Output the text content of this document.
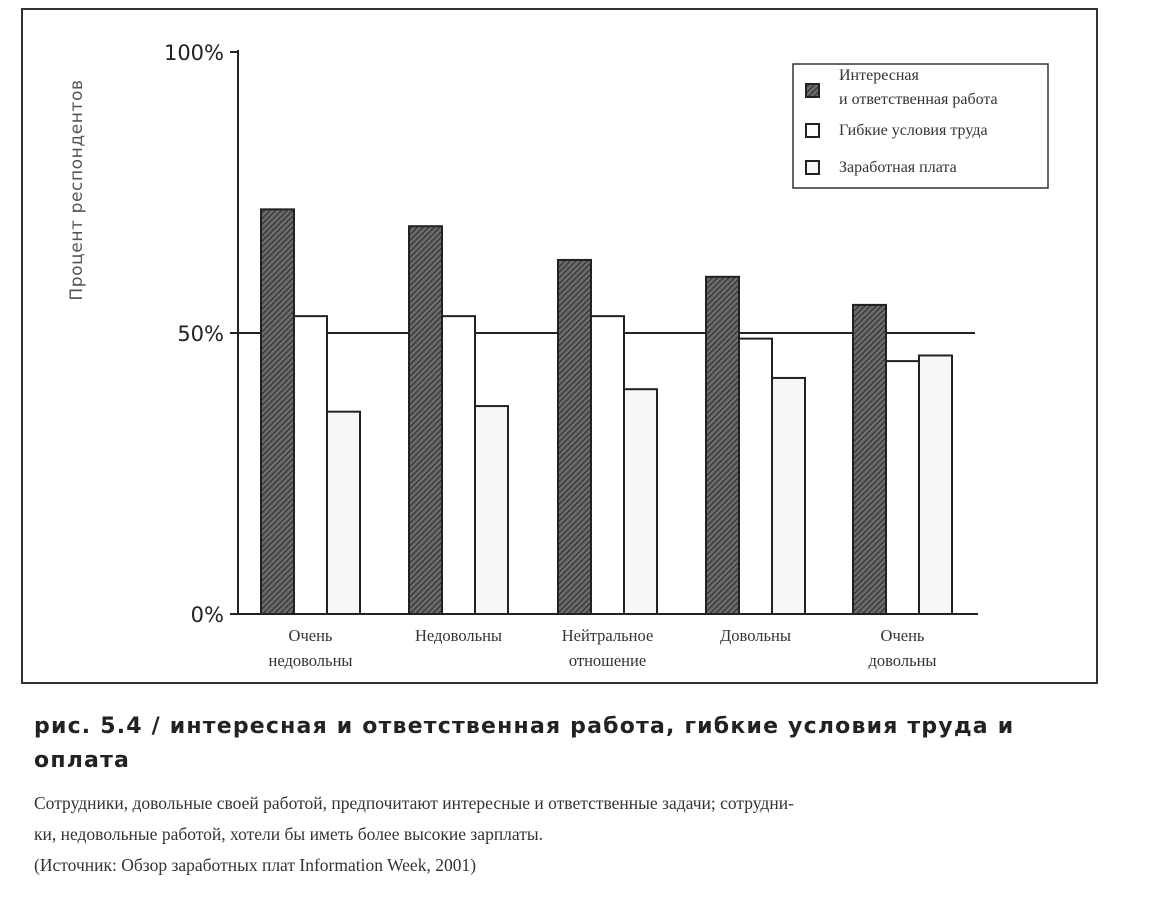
0%
50%
100%
Процент респондентов
Очень
недовольны
Недовольны	Нейтральное
отношение
Довольны	Очень
довольны
Интересная
и ответственная работа
Гибкие условия труда
Заработная плата
рис. 5.4 / интересная и ответственная работа, гибкие условия труда и оплата
Сотрудники, довольные своей работой, предпочитают интересные и ответственные задачи; сотрудни-
ки, недовольные работой, хотели бы иметь более высокие зарплаты.
(Источник: Обзор заработных плат Information Week, 2001)
